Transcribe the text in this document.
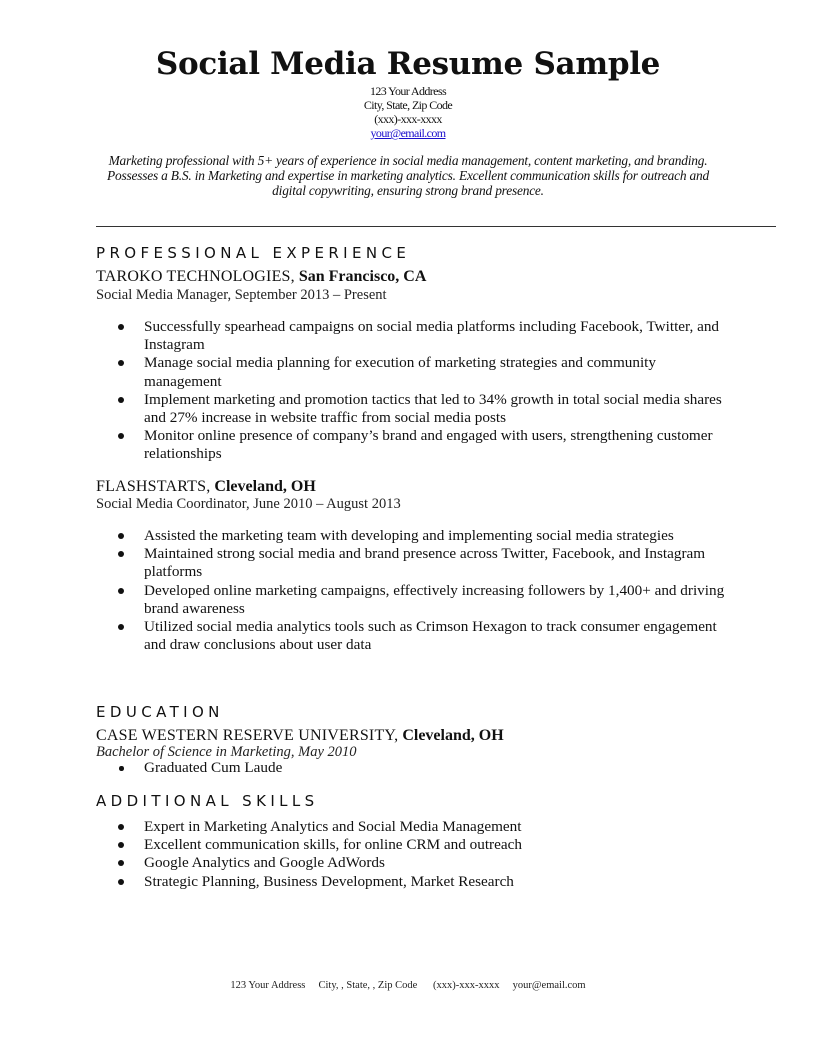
Social Media Resume Sample
123 Your Address
City, State, Zip Code
(xxx)-xxx-xxxx
your@email.com
Marketing professional with 5+ years of experience in social media management, content marketing, and branding. Possesses a B.S. in Marketing and expertise in marketing analytics. Excellent communication skills for outreach and digital copywriting, ensuring strong brand presence.
PROFESSIONAL EXPERIENCE
TAROKO TECHNOLOGIES, San Francisco, CA
Social Media Manager, September 2013 – Present
Successfully spearhead campaigns on social media platforms including Facebook, Twitter, and Instagram
Manage social media planning for execution of marketing strategies and community management
Implement marketing and promotion tactics that led to 34% growth in total social media shares and 27% increase in website traffic from social media posts
Monitor online presence of company’s brand and engaged with users, strengthening customer relationships
FLASHSTARTS, Cleveland, OH
Social Media Coordinator, June 2010 – August 2013
Assisted the marketing team with developing and implementing social media strategies
Maintained strong social media and brand presence across Twitter, Facebook, and Instagram platforms
Developed online marketing campaigns, effectively increasing followers by 1,400+ and driving brand awareness
Utilized social media analytics tools such as Crimson Hexagon to track consumer engagement and draw conclusions about user data
EDUCATION
CASE WESTERN RESERVE UNIVERSITY, Cleveland, OH
Bachelor of Science in Marketing, May 2010
Graduated Cum Laude
ADDITIONAL SKILLS
Expert in Marketing Analytics and Social Media Management
Excellent communication skills, for online CRM and outreach
Google Analytics and Google AdWords
Strategic Planning, Business Development, Market Research
123 Your Address     City, , State, , Zip Code      (xxx)-xxx-xxxx     your@email.com
